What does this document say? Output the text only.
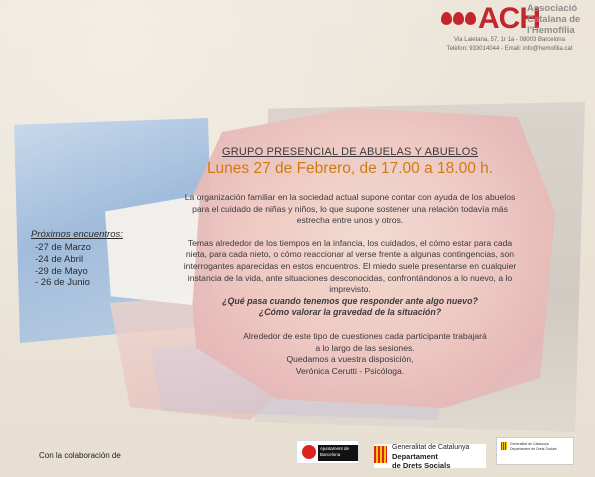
ACH
Associació
Catalana de
l'Hemofília
Via Laietana, 57, 1r 1a - 08003 Barcelona
Telèfon: 933014044 - Email: info@hemofilia.cat

GRUPO PRESENCIAL DE ABUELAS Y ABUELOS

Lunes 27 de Febrero, de 17.00 a 18.00 h.

La organización familiar en la sociedad actual supone contar con ayuda de los abuelos para el cuidado de niñas y niños, lo que supone sostener una relación todavía más estrecha entre unos y otros.

Temas alrededor de los tiempos en la infancia, los cuidados, el cómo estar para cada nieta, para cada nieto, o cómo reaccionar al verse frente a algunas contingencias, son interrogantes aparecidas en estos encuentros. El miedo suele presentarse en cualquier instancia de la vida, ante situaciones desconocidas, confrontándonos a lo nuevo, a lo imprevisto.

¿Qué pasa cuando tenemos que responder ante algo nuevo?

¿Cómo valorar la gravedad de la situación?

Alrededor de este tipo de cuestiones cada participante trabajará a lo largo de las sesiones.
Quedamos a vuestra disposición,
Verónica Cerutti - Psicóloga.

Próximos encuentros:

-27 de Marzo
-24 de Abril
-29 de Mayo
- 26 de Junio
Con la colaboración de
Ajuntament de Barcelona
Generalitat de Catalunya
Departament
de Drets Socials
Generalitat de Catalunya
Departament de Drets Socials
